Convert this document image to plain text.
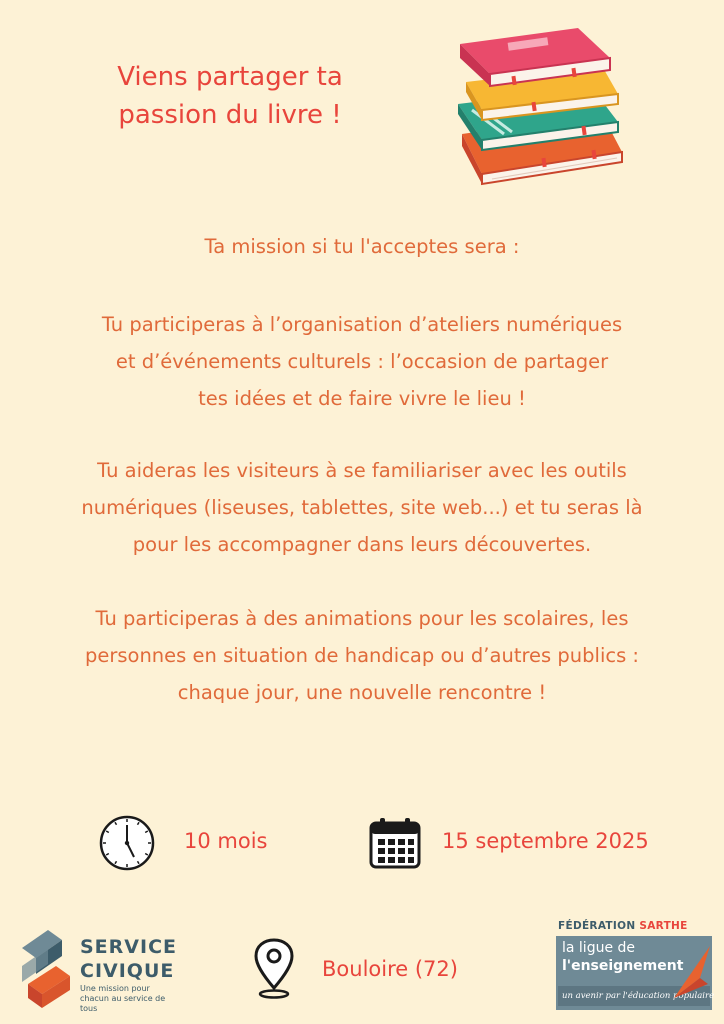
Viens partager ta
passion du livre !
Ta mission si tu l'acceptes sera :
Tu participeras à l’organisation d’ateliers numériques
et d’événements culturels : l’occasion de partager
tes idées et de faire vivre le lieu !
Tu aideras les visiteurs à se familiariser avec les outils
numériques (liseuses, tablettes, site web...) et tu seras là
pour les accompagner dans leurs découvertes.
Tu participeras à des animations pour les scolaires, les
personnes en situation de handicap ou d’autres publics :
chaque jour, une nouvelle rencontre !
10 mois	15 septembre 2025
Bouloire (72)
SERVICE
CIVIQUE
Une mission pour chacun au service de tous
FÉDÉRATION SARTHE
la ligue de
l'enseignement
un avenir par l'éducation populaire
